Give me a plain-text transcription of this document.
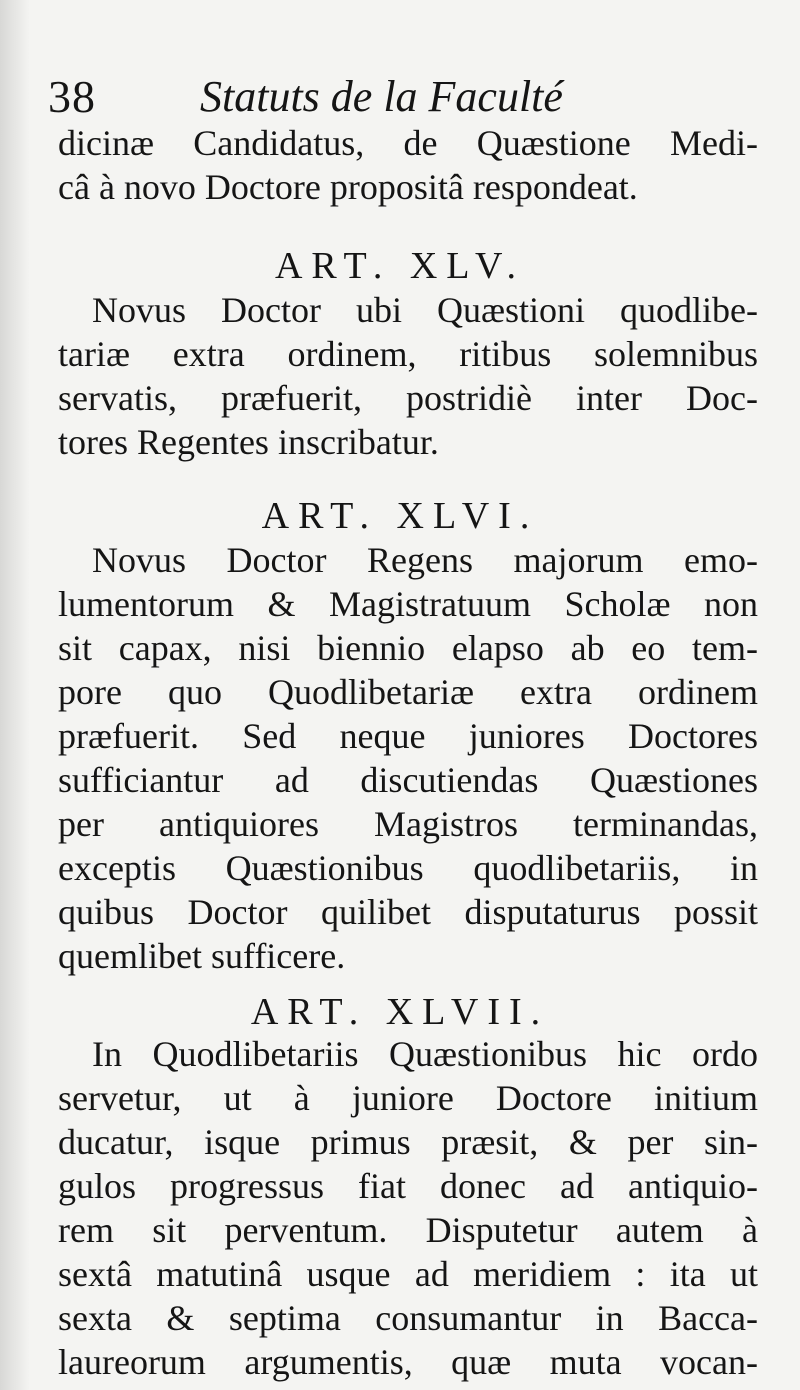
38 Statuts de la Faculté
dicinæ Candidatus, de Quæstione Medi-
câ à novo Doctore propositâ respondeat.
ART. XLV.
Novus Doctor ubi Quæstioni quodlibe-
tariæ extra ordinem, ritibus solemnibus
servatis, præfuerit, postridiè inter Doc-
tores Regentes inscribatur.
ART. XLVI.
Novus Doctor Regens majorum emo-
lumentorum & Magistratuum Scholæ non
sit capax, nisi biennio elapso ab eo tem-
pore quo Quodlibetariæ extra ordinem
præfuerit. Sed neque juniores Doctores
sufficiantur ad discutiendas Quæstiones
per antiquiores Magistros terminandas,
exceptis Quæstionibus quodlibetariis, in
quibus Doctor quilibet disputaturus possit
quemlibet sufficere.
ART. XLVII.
In Quodlibetariis Quæstionibus hic ordo
servetur, ut à juniore Doctore initium
ducatur, isque primus præsit, & per sin-
gulos progressus fiat donec ad antiquio-
rem sit perventum. Disputetur autem à
sextâ matutinâ usque ad meridiem : ita ut
sexta & septima consumantur in Bacca-
laureorum argumentis, quæ muta vocan-
